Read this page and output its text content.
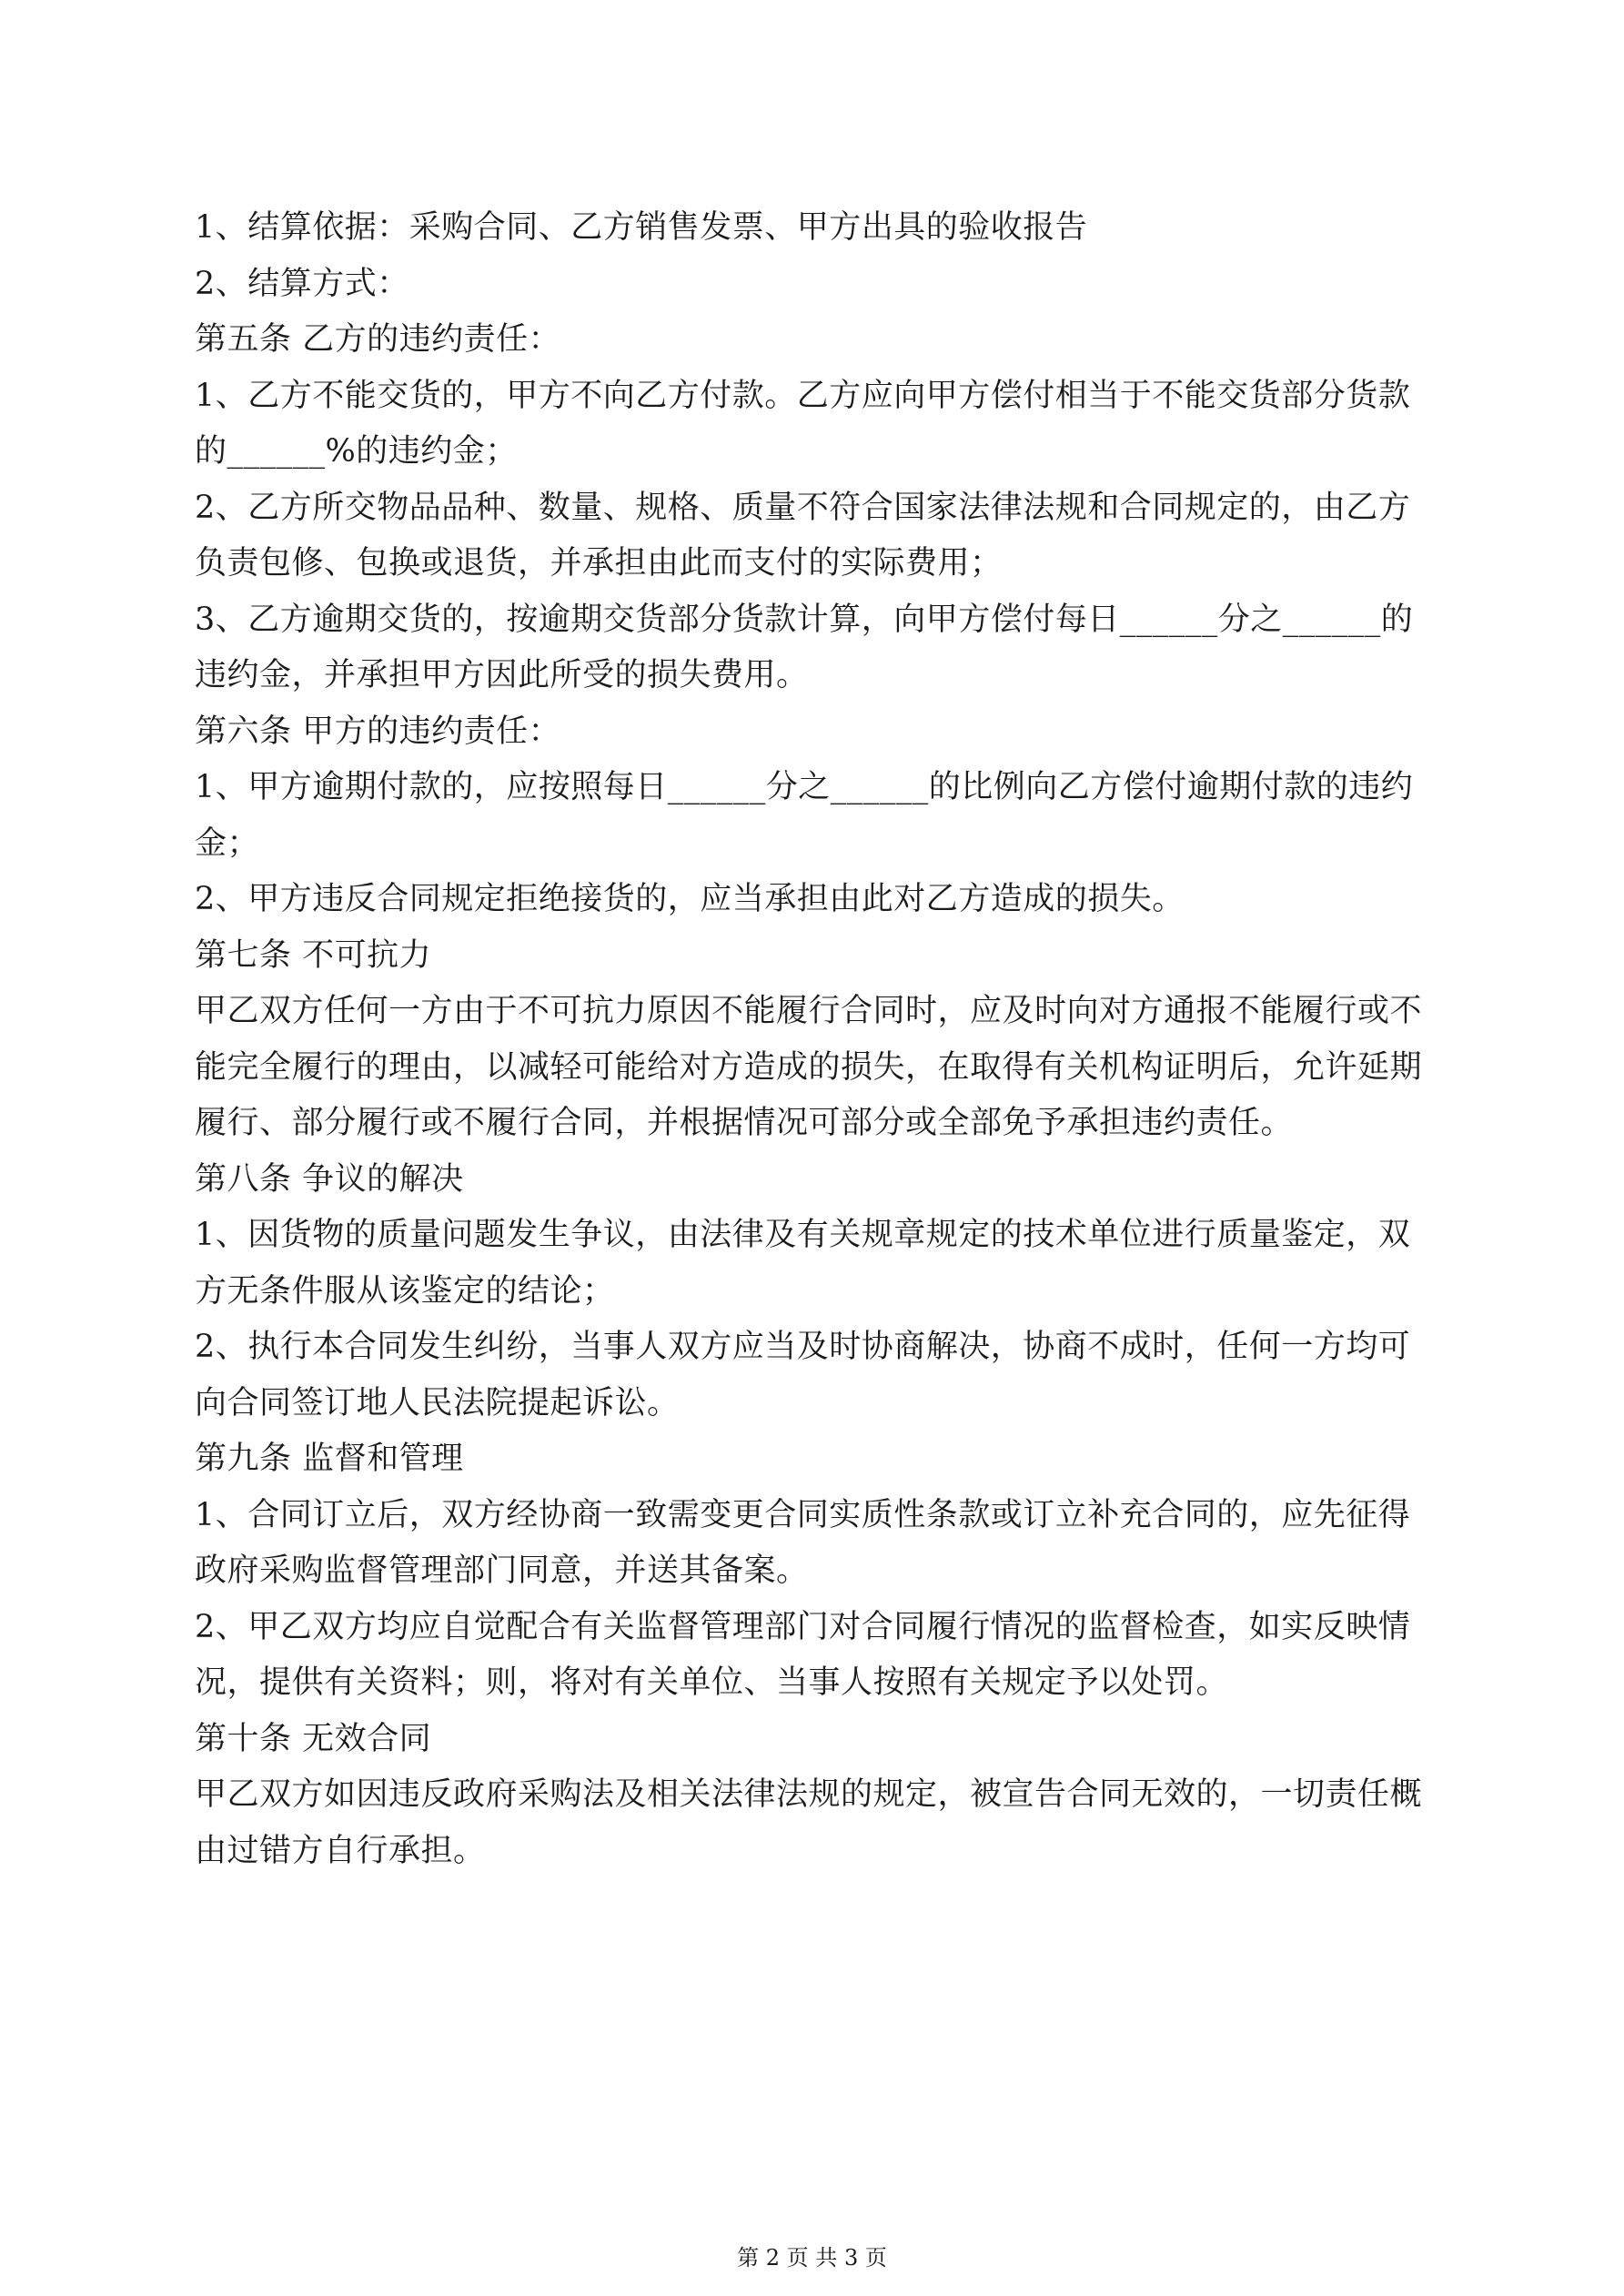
1、结算依据：采购合同、乙方销售发票、甲方出具的验收报告
2、结算方式：
第五条 乙方的违约责任：
1、乙方不能交货的，甲方不向乙方付款。乙方应向甲方偿付相当于不能交货部分货款
的______%的违约金；
2、乙方所交物品品种、数量、规格、质量不符合国家法律法规和合同规定的，由乙方
负责包修、包换或退货，并承担由此而支付的实际费用；
3、乙方逾期交货的，按逾期交货部分货款计算，向甲方偿付每日______分之______的
违约金，并承担甲方因此所受的损失费用。
第六条 甲方的违约责任：
1、甲方逾期付款的，应按照每日______分之______的比例向乙方偿付逾期付款的违约
金；
2、甲方违反合同规定拒绝接货的，应当承担由此对乙方造成的损失。
第七条 不可抗力
甲乙双方任何一方由于不可抗力原因不能履行合同时，应及时向对方通报不能履行或不
能完全履行的理由，以减轻可能给对方造成的损失，在取得有关机构证明后，允许延期
履行、部分履行或不履行合同，并根据情况可部分或全部免予承担违约责任。
第八条 争议的解决
1、因货物的质量问题发生争议，由法律及有关规章规定的技术单位进行质量鉴定，双
方无条件服从该鉴定的结论；
2、执行本合同发生纠纷，当事人双方应当及时协商解决，协商不成时，任何一方均可
向合同签订地人民法院提起诉讼。
第九条 监督和管理
1、合同订立后，双方经协商一致需变更合同实质性条款或订立补充合同的，应先征得
政府采购监督管理部门同意，并送其备案。
2、甲乙双方均应自觉配合有关监督管理部门对合同履行情况的监督检查，如实反映情
况，提供有关资料；则，将对有关单位、当事人按照有关规定予以处罚。
第十条 无效合同
甲乙双方如因违反政府采购法及相关法律法规的规定，被宣告合同无效的，一切责任概
由过错方自行承担。
第 2 页 共 3 页
